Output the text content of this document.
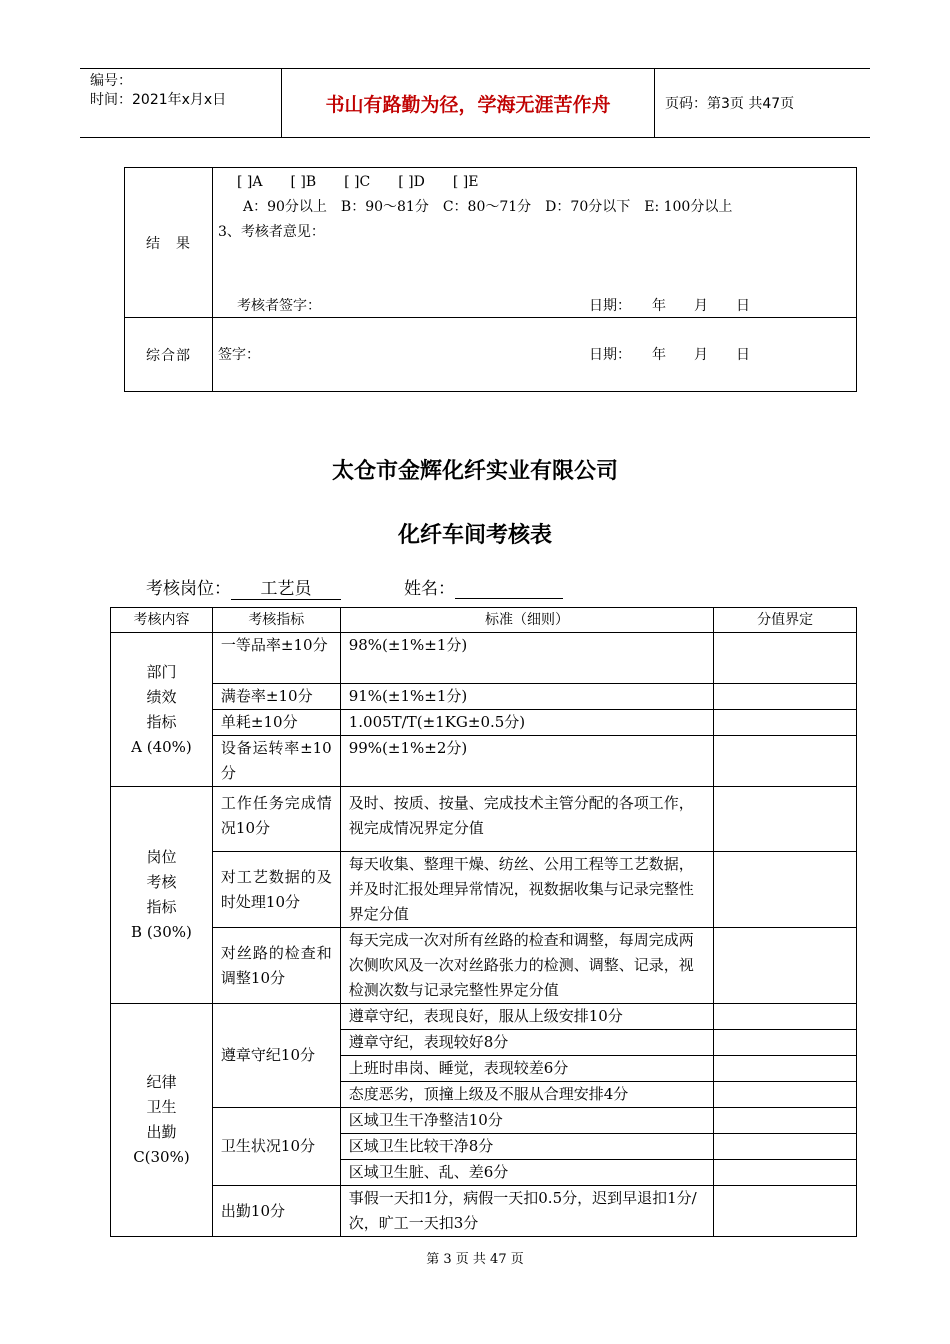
编号：
时间：2021年x月x日	书山有路勤为径，学海无涯苦作舟	页码：第3页 共47页
结　果	[ ]A　　[ ]B　　[ ]C　　[ ]D　　[ ]E
A：90分以上　B：90～81分　C：80～71分　D：70分以下　E: 100分以上
3、考核者意见：
考核者签字： 日期：　　年　　月　　日

综合部	签字： 日期：　　年　　月　　日
太仓市金辉化纤实业有限公司
化纤车间考核表
考核岗位： 工艺员	姓名：
考核内容	考核指标	标准（细则）	分值界定

部门
绩效
指标
A (40%)	一等品率±10分	98%(±1%±1分)	
	满卷率±10分	91%(±1%±1分)	
	单耗±10分	1.005T/T(±1KG±0.5分)	

	设备运转率±10分	99%(±1%±2分)	

岗位
考核
指标
B (30%)	工作任务完成情况10分	及时、按质、按量、完成技术主管分配的各项工作，视完成情况界定分值	

	对工艺数据的及时处理10分	每天收集、整理干燥、纺丝、公用工程等工艺数据，并及时汇报处理异常情况，视数据收集与记录完整性界定分值	

	对丝路的检查和调整10分	每天完成一次对所有丝路的检查和调整，每周完成两次侧吹风及一次对丝路张力的检测、调整、记录，视检测次数与记录完整性界定分值	

纪律
卫生
出勤
C(30%)	遵章守纪10分	遵章守纪，表现良好，服从上级安排10分	
		遵章守纪，表现较好8分	
		上班时串岗、睡觉，表现较差6分	
		态度恶劣，顶撞上级及不服从合理安排4分	
	卫生状况10分	区域卫生干净整洁10分	
		区域卫生比较干净8分	
		区域卫生脏、乱、差6分	
	出勤10分	事假一天扣1分，病假一天扣0.5分，迟到早退扣1分/次，旷工一天扣3分	
第 3 页 共 47 页
